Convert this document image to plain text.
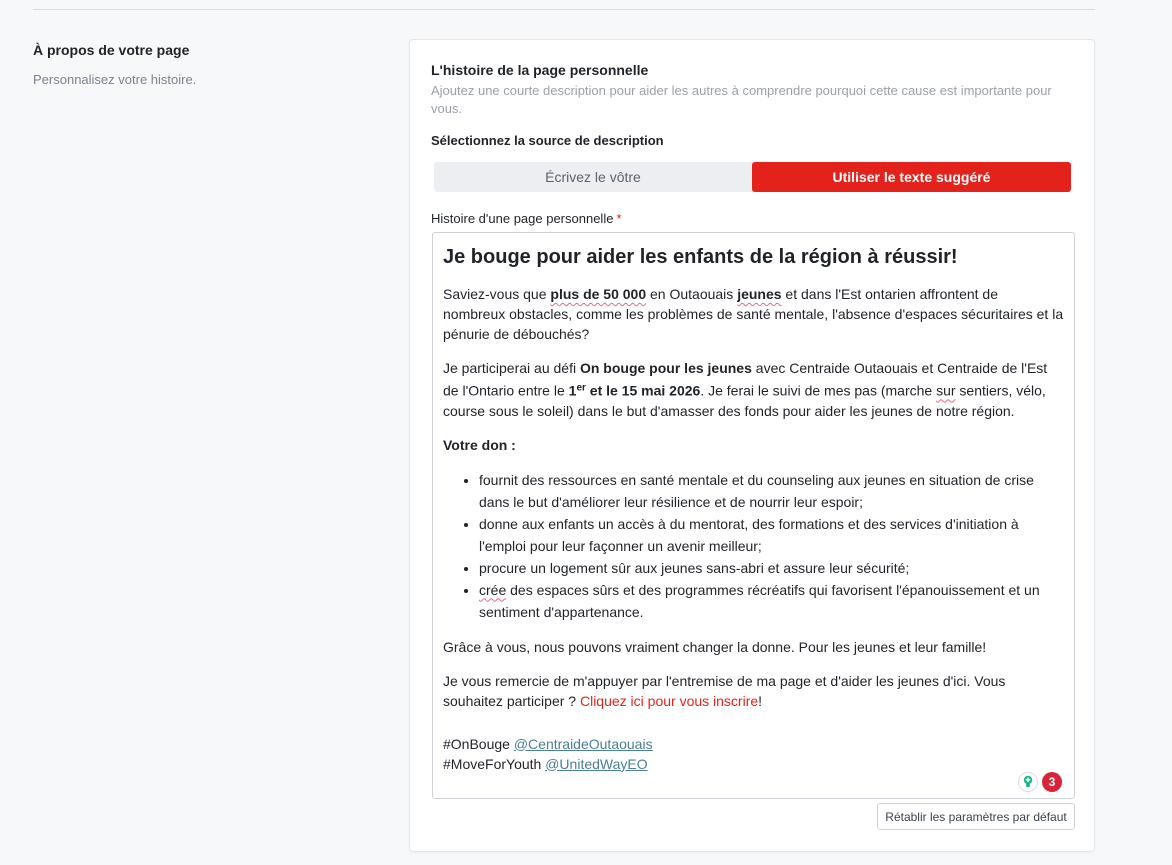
À propos de votre page
Personnalisez votre histoire.
L'histoire de la page personnelle
Ajoutez une courte description pour aider les autres à comprendre pourquoi cette cause est importante pour vous.
Sélectionnez la source de description
Écrivez le vôtre	Utiliser le texte suggéré
Histoire d'une page personnelle *
Je bouge pour aider les enfants de la région à réussir!

Saviez-vous que plus de 50 000 en Outaouais jeunes et dans l'Est ontarien affrontent de nombreux obstacles, comme les problèmes de santé mentale, l'absence d'espaces sécuritaires et la pénurie de débouchés?

Je participerai au défi On bouge pour les jeunes avec Centraide Outaouais et Centraide de l'Est de l'Ontario entre le 1er et le 15 mai 2026. Je ferai le suivi de mes pas (marche sur sentiers, vélo, course sous le soleil) dans le but d'amasser des fonds pour aider les jeunes de notre région.

Votre don :

• fournit des ressources en santé mentale et du counseling aux jeunes en situation de crise dans le but d'améliorer leur résilience et de nourrir leur espoir;
• donne aux enfants un accès à du mentorat, des formations et des services d'initiation à l'emploi pour leur façonner un avenir meilleur;
• procure un logement sûr aux jeunes sans-abri et assure leur sécurité;
• crée des espaces sûrs et des programmes récréatifs qui favorisent l'épanouissement et un sentiment d'appartenance.

Grâce à vous, nous pouvons vraiment changer la donne. Pour les jeunes et leur famille!

Je vous remercie de m'appuyer par l'entremise de ma page et d'aider les jeunes d'ici. Vous souhaitez participer ? Cliquez ici pour vous inscrire!

#OnBouge @CentraideOutaouais
#MoveForYouth @UnitedWayEO
3
Rétablir les paramètres par défaut
